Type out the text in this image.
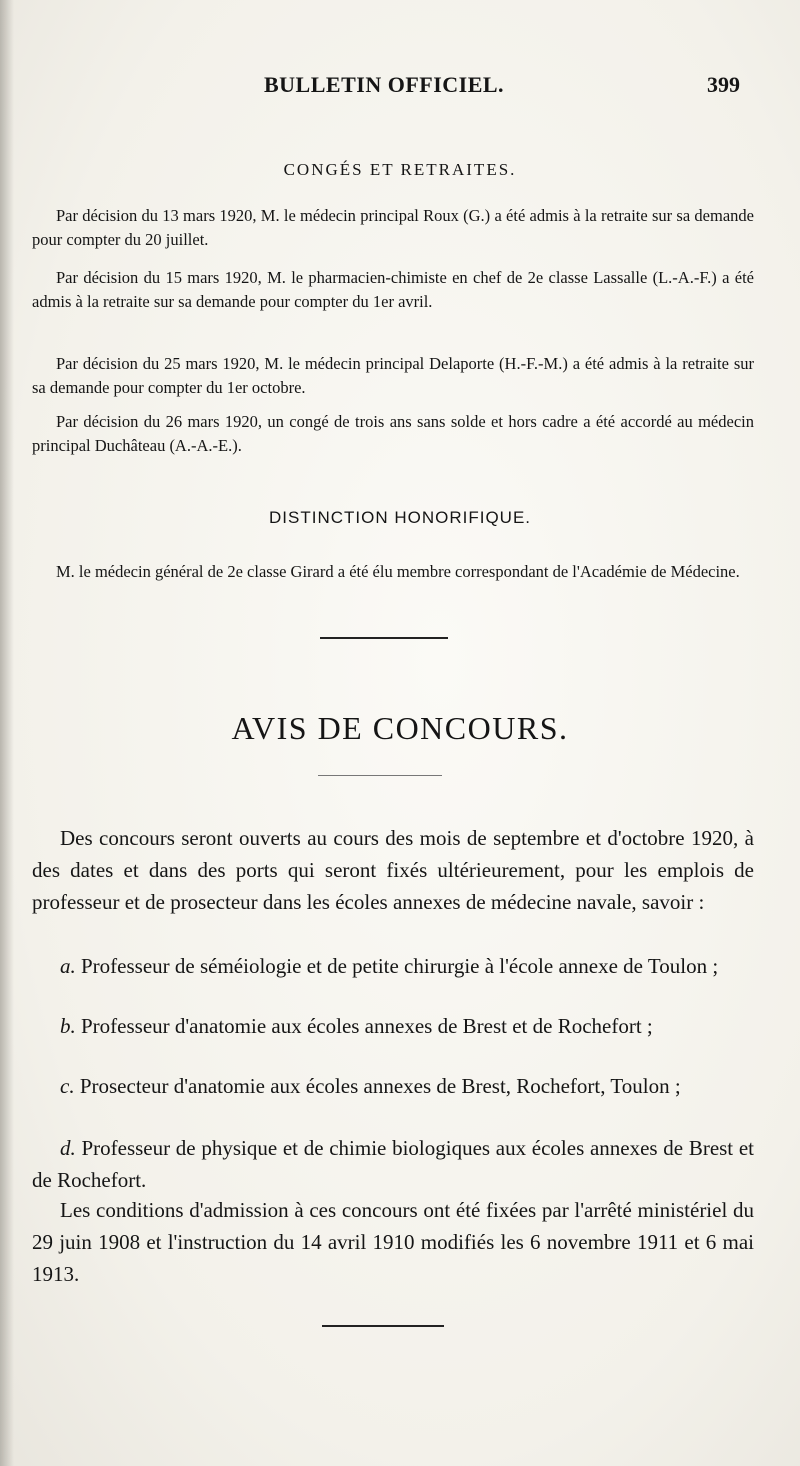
BULLETIN OFFICIEL.	399
CONGÉS ET RETRAITES.

Par décision du 13 mars 1920, M. le médecin principal Roux (G.) a été admis à la retraite sur sa demande pour compter du 20 juillet.

Par décision du 15 mars 1920, M. le pharmacien-chimiste en chef de 2e classe Lassalle (L.-A.-F.) a été admis à la retraite sur sa demande pour compter du 1er avril.

Par décision du 25 mars 1920, M. le médecin principal Delaporte (H.-F.-M.) a été admis à la retraite sur sa demande pour compter du 1er octobre.

Par décision du 26 mars 1920, un congé de trois ans sans solde et hors cadre a été accordé au médecin principal Duchâteau (A.-A.-E.).

DISTINCTION HONORIFIQUE.

M. le médecin général de 2e classe Girard a été élu membre correspondant de l'Académie de Médecine.

AVIS DE CONCOURS.

Des concours seront ouverts au cours des mois de septembre et d'octobre 1920, à des dates et dans des ports qui seront fixés ultérieurement, pour les emplois de professeur et de prosecteur dans les écoles annexes de médecine navale, savoir :

a. Professeur de séméiologie et de petite chirurgie à l'école annexe de Toulon ;

b. Professeur d'anatomie aux écoles annexes de Brest et de Rochefort ;

c. Prosecteur d'anatomie aux écoles annexes de Brest, Rochefort, Toulon ;

d. Professeur de physique et de chimie biologiques aux écoles annexes de Brest et de Rochefort.

Les conditions d'admission à ces concours ont été fixées par l'arrêté ministériel du 29 juin 1908 et l'instruction du 14 avril 1910 modifiés les 6 novembre 1911 et 6 mai 1913.
